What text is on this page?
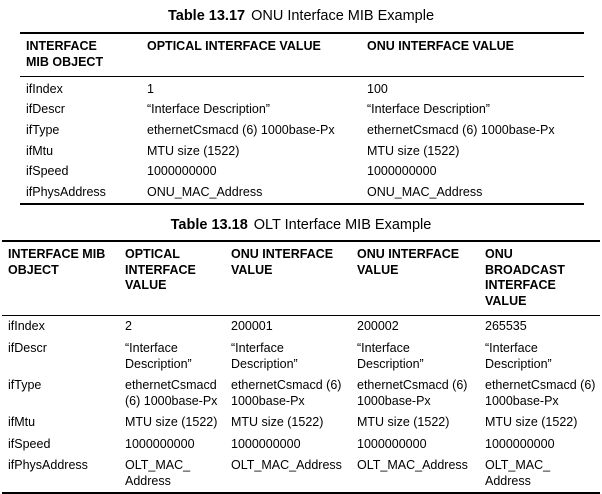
Table 13.17 ONU Interface MIB Example
INTERFACE MIB OBJECT	OPTICAL INTERFACE VALUE	ONU INTERFACE VALUE
ifIndex	1	100
ifDescr	“Interface Description”	“Interface Description”
ifType	ethernetCsmacd (6) 1000base-Px	ethernetCsmacd (6) 1000base-Px
ifMtu	MTU size (1522)	MTU size (1522)
ifSpeed	1000000000	1000000000
ifPhysAddress	ONU_MAC_Address	ONU_MAC_Address
Table 13.18 OLT Interface MIB Example
INTERFACE MIB OBJECT	OPTICAL INTERFACE VALUE	ONU INTERFACE VALUE	ONU INTERFACE VALUE	ONU BROADCAST INTERFACE VALUE
ifIndex	2	200001	200002	265535
ifDescr	“Interface Description”	“Interface Description”	“Interface Description”	“Interface Description”
ifType	ethernetCsmacd (6) 1000base-Px	ethernetCsmacd (6) 1000base-Px	ethernetCsmacd (6) 1000base-Px	ethernetCsmacd (6) 1000base-Px
ifMtu	MTU size (1522)	MTU size (1522)	MTU size (1522)	MTU size (1522)
ifSpeed	1000000000	1000000000	1000000000	1000000000
ifPhysAddress	OLT_MAC_ Address	OLT_MAC_Address	OLT_MAC_Address	OLT_MAC_ Address
